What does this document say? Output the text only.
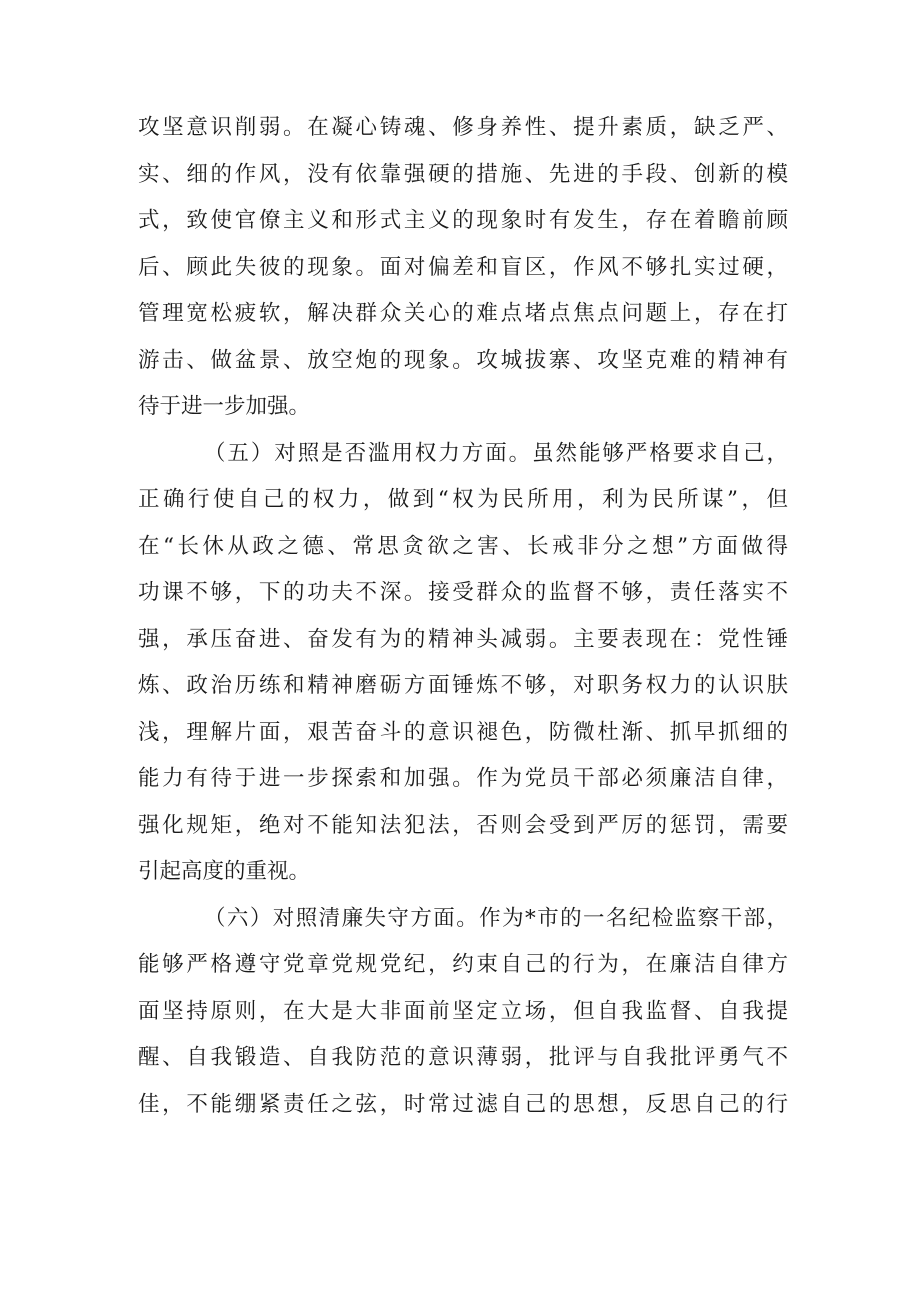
攻坚意识削弱。在凝心铸魂、修身养性、提升素质，缺乏严、
实、细的作风，没有依靠强硬的措施、先进的手段、创新的模
式，致使官僚主义和形式主义的现象时有发生，存在着瞻前顾
后、顾此失彼的现象。面对偏差和盲区，作风不够扎实过硬，
管理宽松疲软，解决群众关心的难点堵点焦点问题上，存在打
游击、做盆景、放空炮的现象。攻城拔寨、攻坚克难的精神有
待于进一步加强。
（五）对照是否滥用权力方面。虽然能够严格要求自己，
正确行使自己的权力，做到“权为民所用，利为民所谋”，但
在“长休从政之德、常思贪欲之害、长戒非分之想”方面做得
功课不够，下的功夫不深。接受群众的监督不够，责任落实不
强，承压奋进、奋发有为的精神头减弱。主要表现在：党性锤
炼、政治历练和精神磨砺方面锤炼不够，对职务权力的认识肤
浅，理解片面，艰苦奋斗的意识褪色，防微杜渐、抓早抓细的
能力有待于进一步探索和加强。作为党员干部必须廉洁自律，
强化规矩，绝对不能知法犯法，否则会受到严厉的惩罚，需要
引起高度的重视。
（六）对照清廉失守方面。作为*市的一名纪检监察干部，
能够严格遵守党章党规党纪，约束自己的行为，在廉洁自律方
面坚持原则，在大是大非面前坚定立场，但自我监督、自我提
醒、自我锻造、自我防范的意识薄弱，批评与自我批评勇气不
佳，不能绷紧责任之弦，时常过滤自己的思想，反思自己的行
